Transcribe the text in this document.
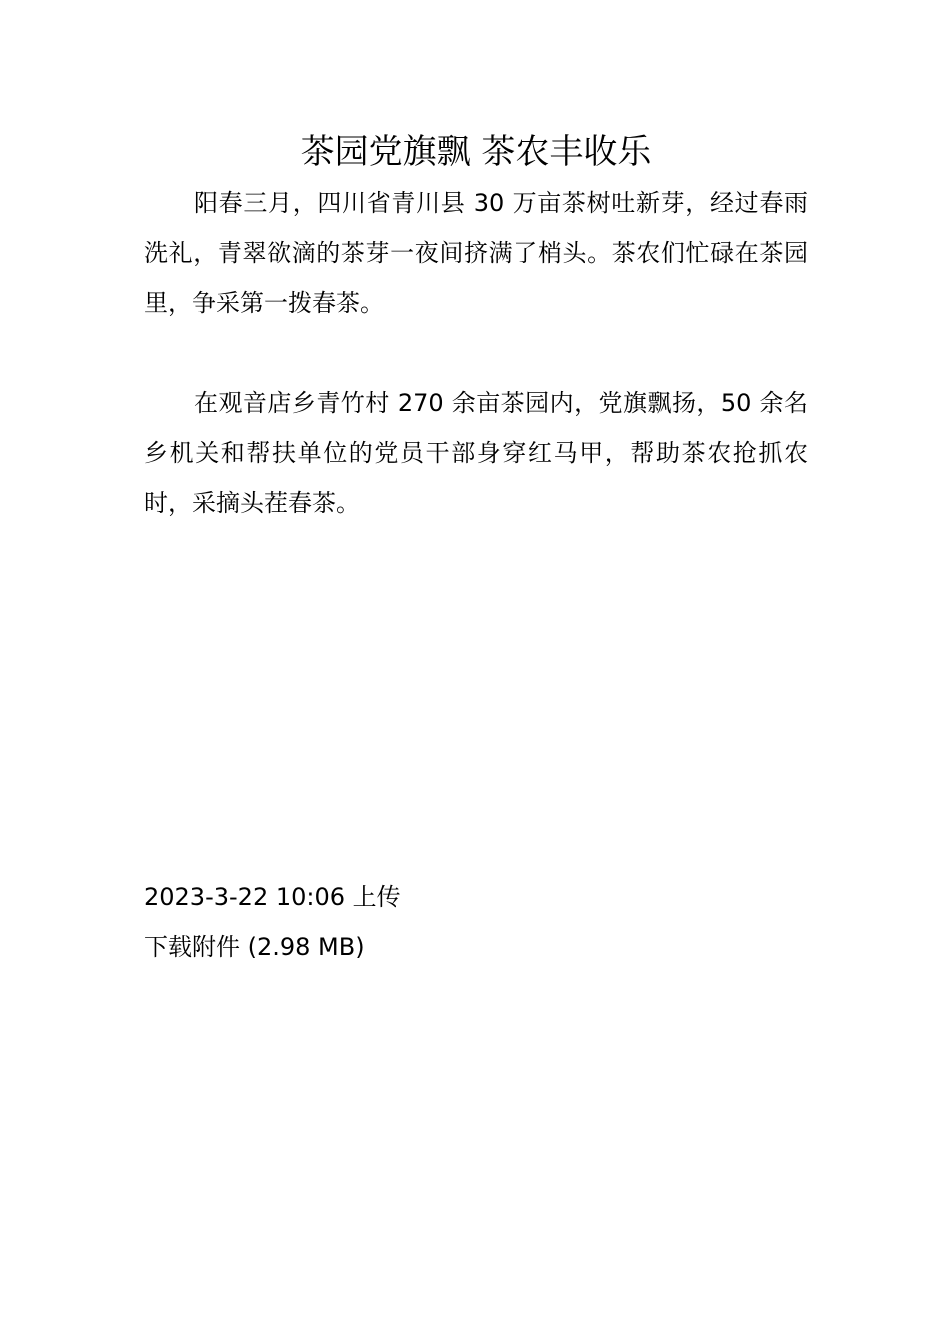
茶园党旗飘 茶农丰收乐

阳春三月，四川省青川县 30 万亩茶树吐新芽，经过春雨洗礼，青翠欲滴的茶芽一夜间挤满了梢头。茶农们忙碌在茶园里，争采第一拨春茶。

在观音店乡青竹村 270 余亩茶园内，党旗飘扬，50 余名乡机关和帮扶单位的党员干部身穿红马甲，帮助茶农抢抓农时，采摘头茬春茶。

2023-3-22 10:06 上传

下载附件 (2.98 MB)
